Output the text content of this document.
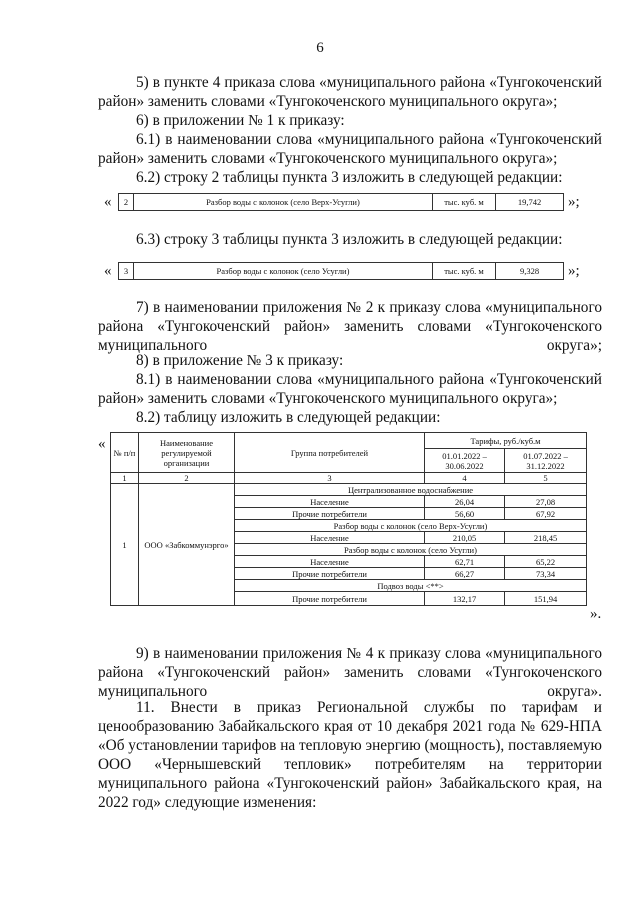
6

5) в пункте 4 приказа слова «муниципального района «Тунгокоченский район» заменить словами «Тунгокоченского муниципального округа»;

6) в приложении № 1 к приказу:

6.1) в наименовании слова «муниципального района «Тунгокоченский район» заменить словами «Тунгокоченского муниципального округа»;

6.2) строку 2 таблицы пункта 3 изложить в следующей редакции:

« 2	Разбор воды с колонок (село Верх-Усугли)	тыс. куб. м	19,742 »;

6.3) строку 3 таблицы пункта 3 изложить в следующей редакции:

« 3	Разбор воды с колонок (село Усугли)	тыс. куб. м	9,328 »;

7) в наименовании приложения № 2 к приказу слова «муниципального района «Тунгокоченский район» заменить словами «Тунгокоченского муниципального округа»;

8) в приложение № 3 к приказу:

8.1) в наименовании слова «муниципального района «Тунгокоченский район» заменить словами «Тунгокоченского муниципального округа»;

8.2) таблицу изложить в следующей редакции:

«
№ п/п	Наименование регулируемой организации	Группа потребителей	Тарифы, руб./куб.м	
			01.01.2022 – 30.06.2022	01.07.2022 – 31.12.2022
1	2	3	4	5
1	ООО «Забкоммунэрго»	Централизованное водоснабжение		
		Население	26,04	27,08
		Прочие потребители	56,60	67,92
		Разбор воды с колонок (село Верх-Усугли)		
		Население	210,05	218,45
		Разбор воды с колонок (село Усугли)		
		Население	62,71	65,22
		Прочие потребители	66,27	73,34
		Подвоз воды <**>		
		Прочие потребители	132,17	151,94
».

9) в наименовании приложения № 4 к приказу слова «муниципального района «Тунгокоченский район» заменить словами «Тунгокоченского муниципального округа».

11. Внести в приказ Региональной службы по тарифам и ценообразованию Забайкальского края от 10 декабря 2021 года № 629-НПА «Об установлении тарифов на тепловую энергию (мощность), поставляемую ООО «Чернышевский тепловик» потребителям на территории муниципального района «Тунгокоченский район» Забайкальского края, на 2022 год» следующие изменения:
